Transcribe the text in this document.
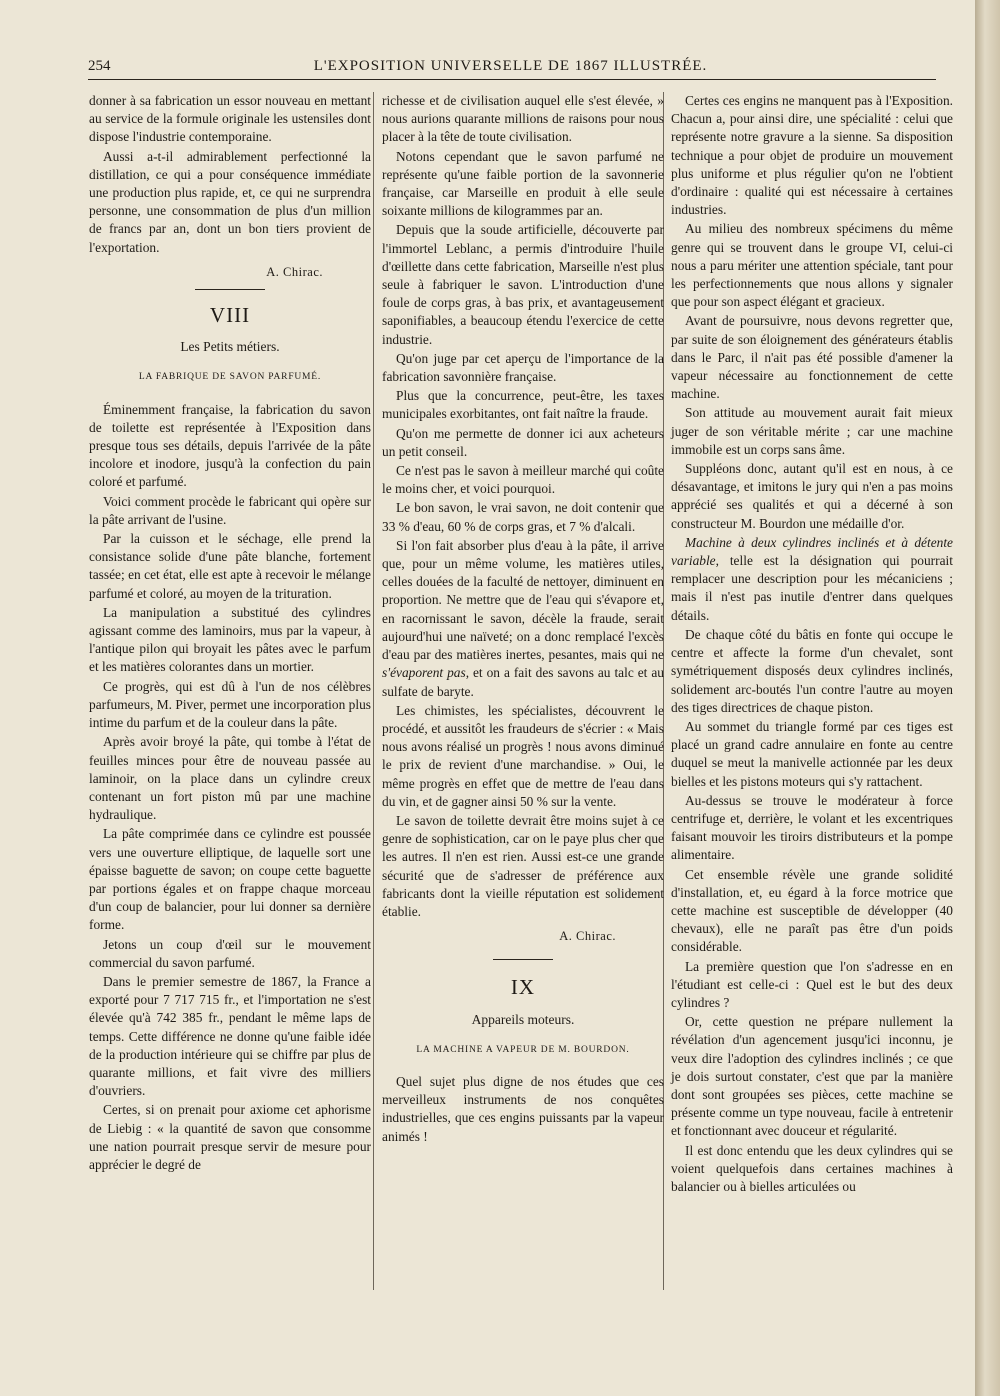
254	L'EXPOSITION UNIVERSELLE DE 1867 ILLUSTRÉE.

donner à sa fabrication un essor nouveau en mettant au service de la formule originale les ustensiles dont dispose l'industrie contemporaine.

Aussi a-t-il admirablement perfectionné la distillation, ce qui a pour conséquence immédiate une production plus rapide, et, ce qui ne surprendra personne, une consommation de plus d'un million de francs par an, dont un bon tiers provient de l'exportation.

A. Chirac.
VIII
Les Petits métiers.
LA FABRIQUE DE SAVON PARFUMÉ.

Éminemment française, la fabrication du savon de toilette est représentée à l'Exposition dans presque tous ses détails, depuis l'arrivée de la pâte incolore et inodore, jusqu'à la confection du pain coloré et parfumé.

Voici comment procède le fabricant qui opère sur la pâte arrivant de l'usine.

Par la cuisson et le séchage, elle prend la consistance solide d'une pâte blanche, fortement tassée; en cet état, elle est apte à recevoir le mélange parfumé et coloré, au moyen de la trituration.

La manipulation a substitué des cylindres agissant comme des laminoirs, mus par la vapeur, à l'antique pilon qui broyait les pâtes avec le parfum et les matières colorantes dans un mortier.

Ce progrès, qui est dû à l'un de nos célèbres parfumeurs, M. Piver, permet une incorporation plus intime du parfum et de la couleur dans la pâte.

Après avoir broyé la pâte, qui tombe à l'état de feuilles minces pour être de nouveau passée au laminoir, on la place dans un cylindre creux contenant un fort piston mû par une machine hydraulique.

La pâte comprimée dans ce cylindre est poussée vers une ouverture elliptique, de laquelle sort une épaisse baguette de savon; on coupe cette baguette par portions égales et on frappe chaque morceau d'un coup de balancier, pour lui donner sa dernière forme.

Jetons un coup d'œil sur le mouvement commercial du savon parfumé.

Dans le premier semestre de 1867, la France a exporté pour 7 717 715 fr., et l'importation ne s'est élevée qu'à 742 385 fr., pendant le même laps de temps. Cette différence ne donne qu'une faible idée de la production intérieure qui se chiffre par plus de quarante millions, et fait vivre des milliers d'ouvriers.

Certes, si on prenait pour axiome cet aphorisme de Liebig : « la quantité de savon que consomme une nation pourrait presque servir de mesure pour apprécier le degré de

richesse et de civilisation auquel elle s'est élevée, » nous aurions quarante millions de raisons pour nous placer à la tête de toute civilisation.

Notons cependant que le savon parfumé ne représente qu'une faible portion de la savonnerie française, car Marseille en produit à elle seule soixante millions de kilogrammes par an.

Depuis que la soude artificielle, découverte par l'immortel Leblanc, a permis d'introduire l'huile d'œillette dans cette fabrication, Marseille n'est plus seule à fabriquer le savon. L'introduction d'une foule de corps gras, à bas prix, et avantageusement saponifiables, a beaucoup étendu l'exercice de cette industrie.

Qu'on juge par cet aperçu de l'importance de la fabrication savonnière française.

Plus que la concurrence, peut-être, les taxes municipales exorbitantes, ont fait naître la fraude.

Qu'on me permette de donner ici aux acheteurs un petit conseil.

Ce n'est pas le savon à meilleur marché qui coûte le moins cher, et voici pourquoi.

Le bon savon, le vrai savon, ne doit contenir que 33 % d'eau, 60 % de corps gras, et 7 % d'alcali.

Si l'on fait absorber plus d'eau à la pâte, il arrive que, pour un même volume, les matières utiles, celles douées de la faculté de nettoyer, diminuent en proportion. Ne mettre que de l'eau qui s'évapore et, en racornissant le savon, décèle la fraude, serait aujourd'hui une naïveté; on a donc remplacé l'excès d'eau par des matières inertes, pesantes, mais qui ne s'évaporent pas, et on a fait des savons au talc et au sulfate de baryte.

Les chimistes, les spécialistes, découvrent le procédé, et aussitôt les fraudeurs de s'écrier : « Mais nous avons réalisé un progrès ! nous avons diminué le prix de revient d'une marchandise. » Oui, le même progrès en effet que de mettre de l'eau dans du vin, et de gagner ainsi 50 % sur la vente.

Le savon de toilette devrait être moins sujet à ce genre de sophistication, car on le paye plus cher que les autres. Il n'en est rien. Aussi est-ce une grande sécurité que de s'adresser de préférence aux fabricants dont la vieille réputation est solidement établie.

A. Chirac.
IX
Appareils moteurs.
LA MACHINE A VAPEUR DE M. BOURDON.

Quel sujet plus digne de nos études que ces merveilleux instruments de nos conquêtes industrielles, que ces engins puissants par la vapeur animés !

Certes ces engins ne manquent pas à l'Exposition. Chacun a, pour ainsi dire, une spécialité : celui que représente notre gravure a la sienne. Sa disposition technique a pour objet de produire un mouvement plus uniforme et plus régulier qu'on ne l'obtient d'ordinaire : qualité qui est nécessaire à certaines industries.

Au milieu des nombreux spécimens du même genre qui se trouvent dans le groupe VI, celui-ci nous a paru mériter une attention spéciale, tant pour les perfectionnements que nous allons y signaler que pour son aspect élégant et gracieux.

Avant de poursuivre, nous devons regretter que, par suite de son éloignement des générateurs établis dans le Parc, il n'ait pas été possible d'amener la vapeur nécessaire au fonctionnement de cette machine.

Son attitude au mouvement aurait fait mieux juger de son véritable mérite ; car une machine immobile est un corps sans âme.

Suppléons donc, autant qu'il est en nous, à ce désavantage, et imitons le jury qui n'en a pas moins apprécié ses qualités et qui a décerné à son constructeur M. Bourdon une médaille d'or.

Machine à deux cylindres inclinés et à détente variable, telle est la désignation qui pourrait remplacer une description pour les mécaniciens ; mais il n'est pas inutile d'entrer dans quelques détails.

De chaque côté du bâtis en fonte qui occupe le centre et affecte la forme d'un chevalet, sont symétriquement disposés deux cylindres inclinés, solidement arc-boutés l'un contre l'autre au moyen des tiges directrices de chaque piston.

Au sommet du triangle formé par ces tiges est placé un grand cadre annulaire en fonte au centre duquel se meut la manivelle actionnée par les deux bielles et les pistons moteurs qui s'y rattachent.

Au-dessus se trouve le modérateur à force centrifuge et, derrière, le volant et les excentriques faisant mouvoir les tiroirs distributeurs et la pompe alimentaire.

Cet ensemble révèle une grande solidité d'installation, et, eu égard à la force motrice que cette machine est susceptible de développer (40 chevaux), elle ne paraît pas être d'un poids considérable.

La première question que l'on s'adresse en en l'étudiant est celle-ci : Quel est le but des deux cylindres ?

Or, cette question ne prépare nullement la révélation d'un agencement jusqu'ici inconnu, je veux dire l'adoption des cylindres inclinés ; ce que je dois surtout constater, c'est que par la manière dont sont groupées ses pièces, cette machine se présente comme un type nouveau, facile à entretenir et fonctionnant avec douceur et régularité.

Il est donc entendu que les deux cylindres qui se voient quelquefois dans certaines machines à balancier ou à bielles articulées ou
